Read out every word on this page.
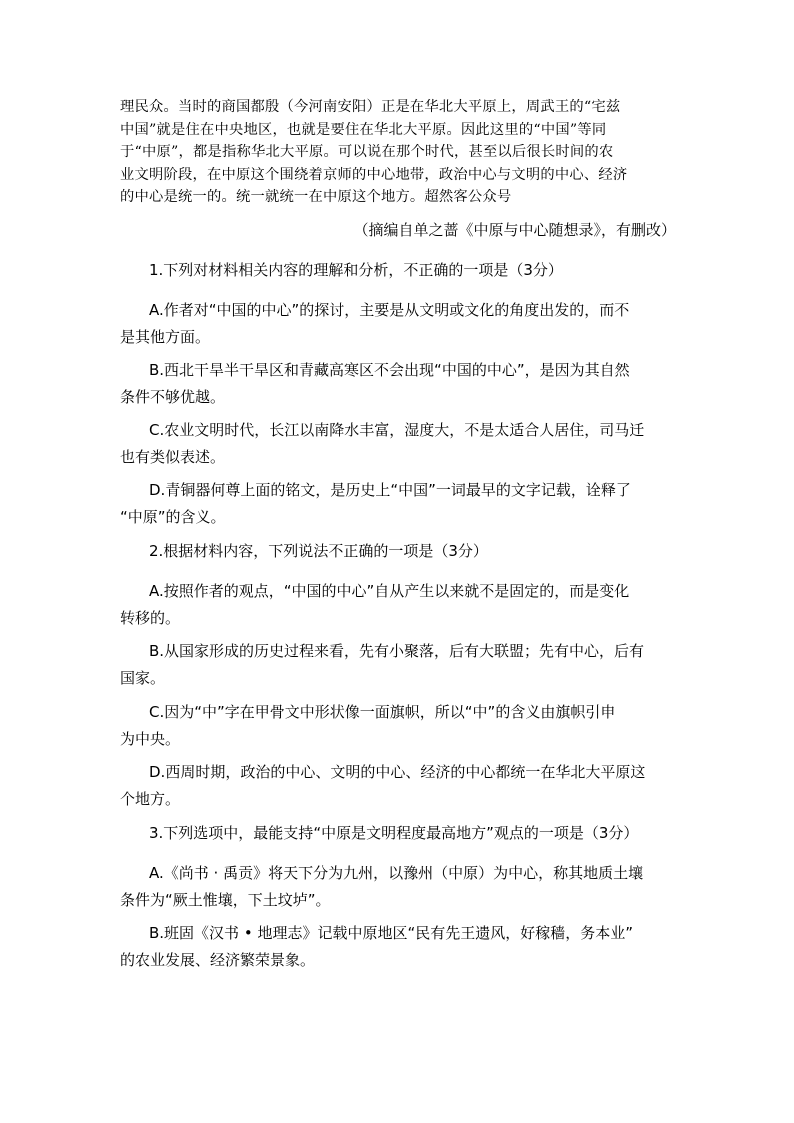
理民众。当时的商国都殷（今河南安阳）正是在华北大平原上，周武王的“宅兹

中国”就是住在中央地区，也就是要住在华北大平原。因此这里的“中国”等同

于“中原”，都是指称华北大平原。可以说在那个时代，甚至以后很长时间的农

业文明阶段，在中原这个围绕着京师的中心地带，政治中心与文明的中心、经济

的中心是统一的。统一就统一在中原这个地方。超然客公众号

（摘编自单之蔷《中原与中心随想录》，有删改）

1.下列对材料相关内容的理解和分析，不正确的一项是（3分）

A.作者对“中国的中心”的探讨，主要是从文明或文化的角度出发的，而不
是其他方面。

B.西北干旱半干旱区和青藏高寒区不会出现“中国的中心”，是因为其自然
条件不够优越。

C.农业文明时代，长江以南降水丰富，湿度大，不是太适合人居住，司马迁
也有类似表述。

D.青铜器何尊上面的铭文，是历史上“中国”一词最早的文字记载，诠释了
“中原”的含义。

2.根据材料内容，下列说法不正确的一项是（3分）

A.按照作者的观点，“中国的中心”自从产生以来就不是固定的，而是变化
转移的。

B.从国家形成的历史过程来看，先有小聚落，后有大联盟；先有中心，后有
国家。

C.因为“中”字在甲骨文中形状像一面旗帜，所以“中”的含义由旗帜引申
为中央。

D.西周时期，政治的中心、文明的中心、经济的中心都统一在华北大平原这
个地方。

3.下列选项中，最能支持“中原是文明程度最高地方”观点的一项是（3分）

A.《尚书 · 禹贡》将天下分为九州，以豫州（中原）为中心，称其地质土壤
条件为“厥土惟壤，下土坟垆”。

B.班固《汉书 • 地理志》记载中原地区“民有先王遗风，好稼穑，务本业”
的农业发展、经济繁荣景象。
